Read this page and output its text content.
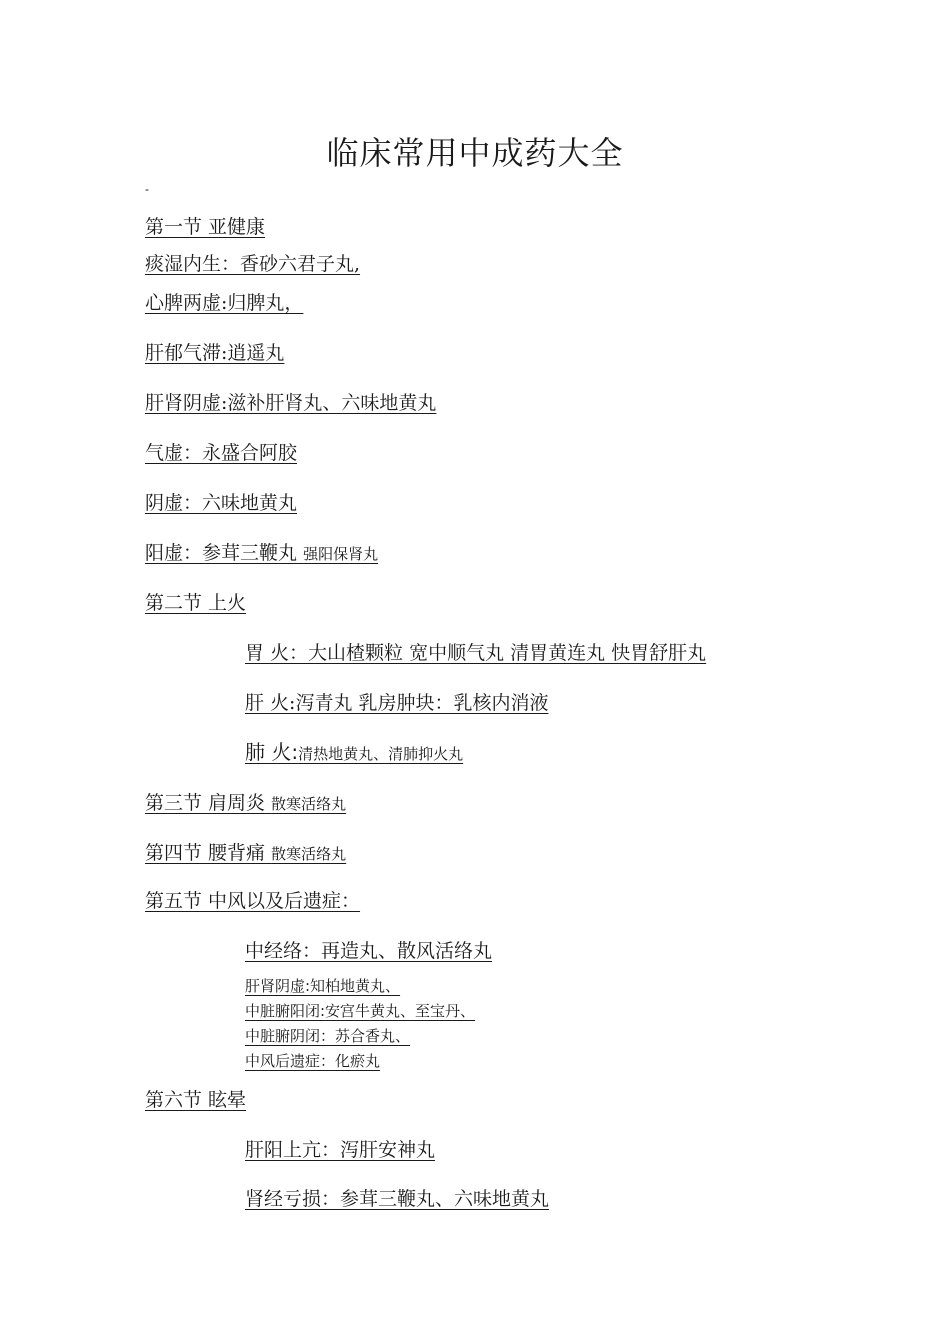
临床常用中成药大全
-
第一节 亚健康
痰湿内生：香砂六君子丸,
心脾两虚:归脾丸，
肝郁气滞:逍遥丸
肝肾阴虚:滋补肝肾丸、六味地黄丸
气虚：永盛合阿胶
阴虚：六味地黄丸
阳虚：参茸三鞭丸 强阳保肾丸
第二节 上火
胃 火：大山楂颗粒 宽中顺气丸 清胃黄连丸 快胃舒肝丸
肝 火:泻青丸 乳房肿块：乳核内消液
肺 火:清热地黄丸、清肺抑火丸
第三节 肩周炎 散寒活络丸
第四节 腰背痛 散寒活络丸
第五节 中风以及后遗症：
中经络：再造丸、散风活络丸
肝肾阴虚:知柏地黄丸、
中脏腑阳闭:安宫牛黄丸、至宝丹、
中脏腑阴闭：苏合香丸、
中风后遗症：化瘀丸
第六节 眩晕
肝阳上亢：泻肝安神丸
肾经亏损：参茸三鞭丸、六味地黄丸
